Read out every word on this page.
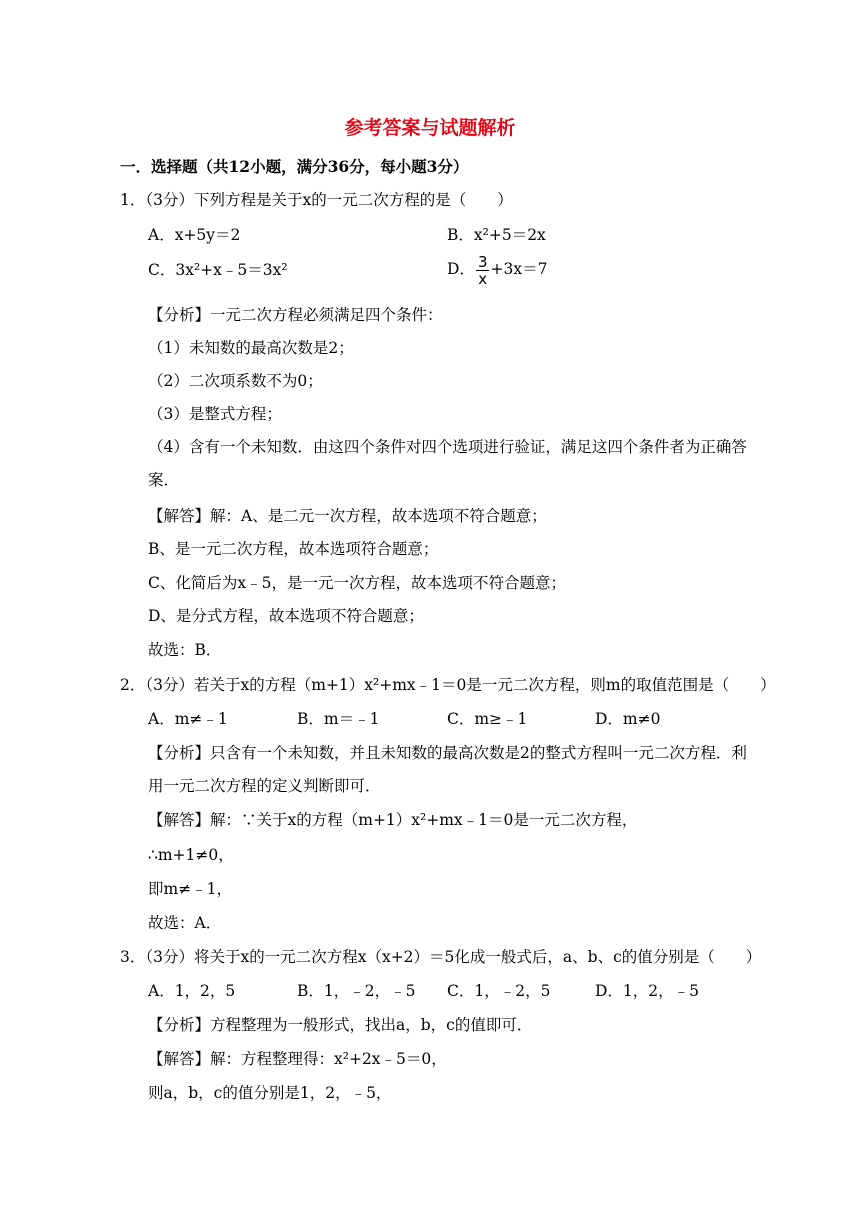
参考答案与试题解析
一．选择题（共12小题，满分36分，每小题3分）
1．（3分）下列方程是关于x的一元二次方程的是（　　）
A．x+5y＝2	B．x²+5＝2x
C．3x²+x﹣5＝3x²	D． $\frac{3}{x} +3x=7$
【分析】一元二次方程必须满足四个条件：
（1）未知数的最高次数是2；
（2）二次项系数不为0；
（3）是整式方程；
（4）含有一个未知数．由这四个条件对四个选项进行验证，满足这四个条件者为正确答
案．
【解答】解：A、是二元一次方程，故本选项不符合题意；
B、是一元二次方程，故本选项符合题意；
C、化简后为x﹣5，是一元一次方程，故本选项不符合题意；
D、是分式方程，故本选项不符合题意；
故选：B．
2．（3分）若关于x的方程（m+1）x²+mx﹣1＝0是一元二次方程，则m的取值范围是（　　）
A．m≠﹣1	B．m＝﹣1	C．m≥﹣1	D．m≠0
【分析】只含有一个未知数，并且未知数的最高次数是2的整式方程叫一元二次方程．利
用一元二次方程的定义判断即可．
【解答】解：∵关于x的方程（m+1）x²+mx﹣1＝0是一元二次方程，
∴m+1≠0，
即m≠﹣1，
故选：A．
3．（3分）将关于x的一元二次方程x（x+2）＝5化成一般式后，a、b、c的值分别是（　　）
A．1，2，5	B．1，﹣2，﹣5 C．1，﹣2，5	D．1，2，﹣5
【分析】方程整理为一般形式，找出a，b，c的值即可．
【解答】解：方程整理得：x²+2x﹣5＝0，
则a，b，c的值分别是1，2，﹣5，
